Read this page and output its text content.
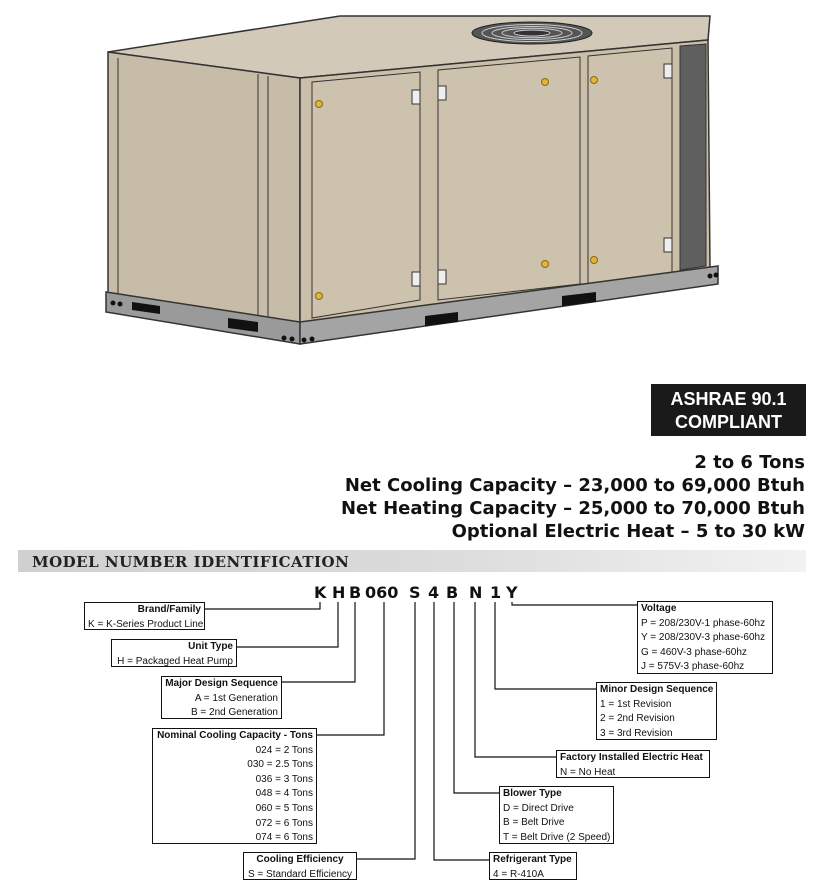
ASHRAE 90.1
COMPLIANT
2 to 6 Tons
Net Cooling Capacity – 23,000 to 69,000 Btuh
Net Heating Capacity – 25,000 to 70,000 Btuh
Optional Electric Heat – 5 to 30 kW
MODEL NUMBER IDENTIFICATION
K H B 060 S 4 B N 1 Y
Brand/Family
K = K-Series Product Line
Unit Type
H = Packaged Heat Pump
Major Design Sequence
A = 1st Generation
B = 2nd Generation
Nominal Cooling Capacity - Tons
024 = 2 Tons
030 = 2.5 Tons
036 = 3 Tons
048 = 4 Tons
060 = 5 Tons
072 = 6 Tons
074 = 6 Tons
Cooling Efficiency
S = Standard Efficiency
Refrigerant Type
4 = R-410A
Blower Type
D = Direct Drive
B = Belt Drive
T = Belt Drive (2 Speed)
Factory Installed Electric Heat
N = No Heat
Minor Design Sequence
1 = 1st Revision
2 = 2nd Revision
3 = 3rd Revision
Voltage
P = 208/230V-1 phase-60hz
Y = 208/230V-3 phase-60hz
G = 460V-3 phase-60hz
J = 575V-3 phase-60hz
